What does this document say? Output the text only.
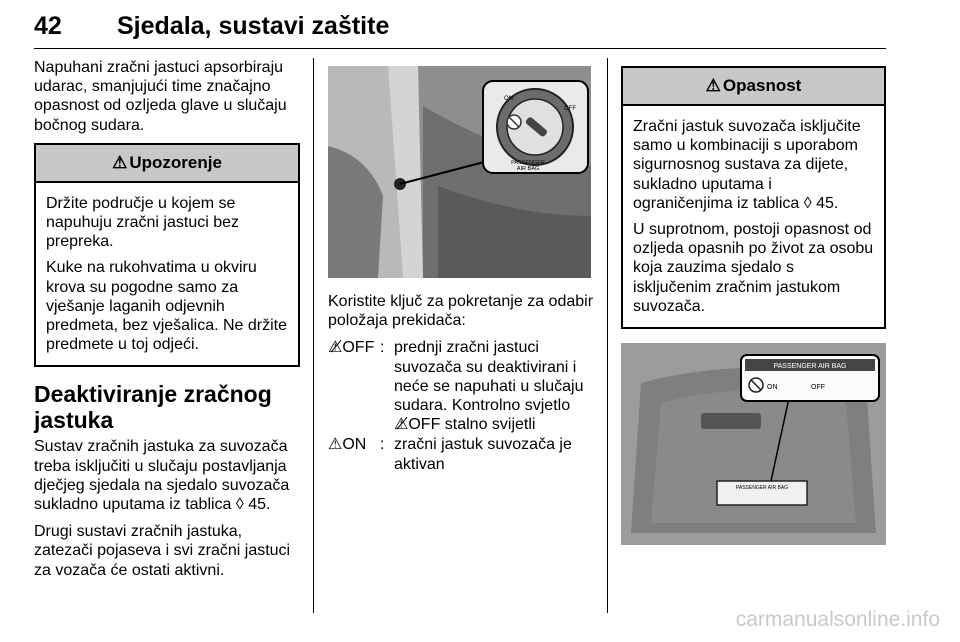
42 Sjedala, sustavi zaštite

Napuhani zračni jastuci apsorbiraju udarac, smanjujući time značajno opasnost od ozljeda glave u slučaju bočnog sudara.

⚠ Upozorenje

Držite područje u kojem se napuhuju zračni jastuci bez prepreka.

Kuke na rukohvatima u okviru krova su pogodne samo za vješanje laganih odjevnih predmeta, bez vješalica. Ne držite predmete u toj odjeći.

Deaktiviranje zračnog jastuka

Sustav zračnih jastuka za suvozača treba isključiti u slučaju postavljanja dječjeg sjedala na sjedalo suvozača sukladno uputama iz tablica ◊ 45.

Drugi sustavi zračnih jastuka, zatezači pojaseva i svi zračni jastuci za vozača će ostati aktivni.

PASSENGER
AIR BAG
ON
OFF

Koristite ključ za pokretanje za odabir položaja prekidača:

⚠̸OFF : prednji zračni jastuci suvozača su deaktivirani i neće se napuhati u slučaju sudara. Kontrolno svjetlo
⚠̸OFF stalno svijetli
⚠ON : zračni jastuk suvozača je aktivan
⚠ Opasnost

Zračni jastuk suvozača isključite samo u kombinaciji s uporabom sigurnosnog sustava za dijete, sukladno uputama i ograničenjima iz tablica ◊ 45.

U suprotnom, postoji opasnost od ozljeda opasnih po život za osobu koja zauzima sjedalo s isključenim zračnim jastukom suvozača.

PASSENGER AIR BAG
PASSENGER AIR BAG
ON	OFF
carmanualsonline.info
